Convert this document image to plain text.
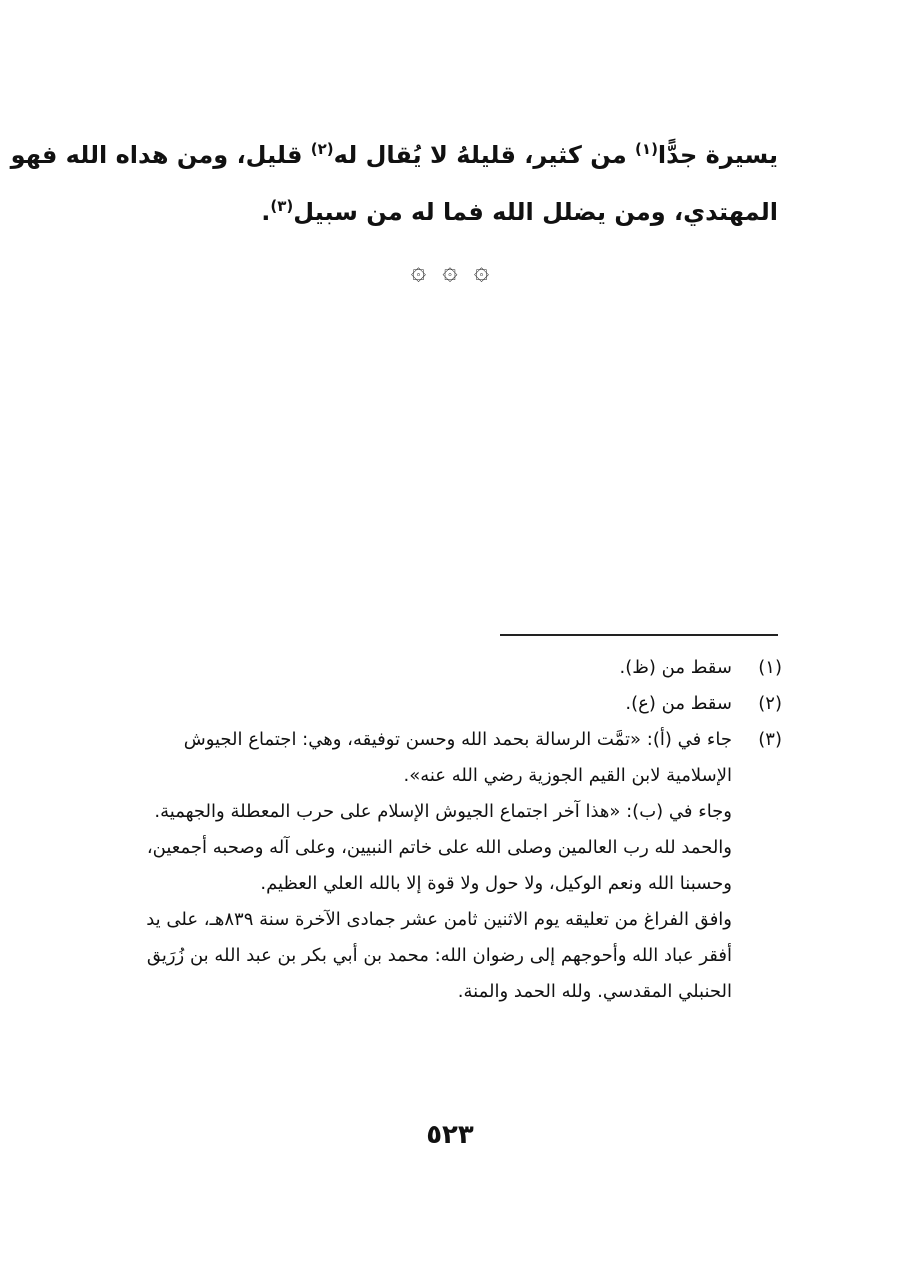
يسيرة جدًّا$^{(١)}$ من كثير، قليلهُ لا يُقال له$^{(٢)}$ قليل، ومن هداه الله فهو
المهتدي، ومن يضلل الله فما له من سبيل$^{(٣)}$.
۞ ۞ ۞
(١)

سقط من (ظ).

(٢)

سقط من (ع).

(٣)

جاء في (أ): «تمَّت الرسالة بحمد الله وحسن توفيقه، وهي: اجتماع الجيوش الإسلامية لابن القيم الجوزية رضي الله عنه».

وجاء في (ب): «هذا آخر اجتماع الجيوش الإسلام على حرب المعطلة والجهمية. والحمد لله رب العالمين وصلى الله على خاتم النبيين، وعلى آله وصحبه أجمعين، وحسبنا الله ونعم الوكيل، ولا حول ولا قوة إلا بالله العلي العظيم.

وافق الفراغ من تعليقه يوم الاثنين ثامن عشر جمادى الآخرة سنة ٨٣٩هـ، على يد أفقر عباد الله وأحوجهم إلى رضوان الله: محمد بن أبي بكر بن عبد الله بن زُرَيق الحنبلي المقدسي. ولله الحمد والمنة.

٥٢٣
